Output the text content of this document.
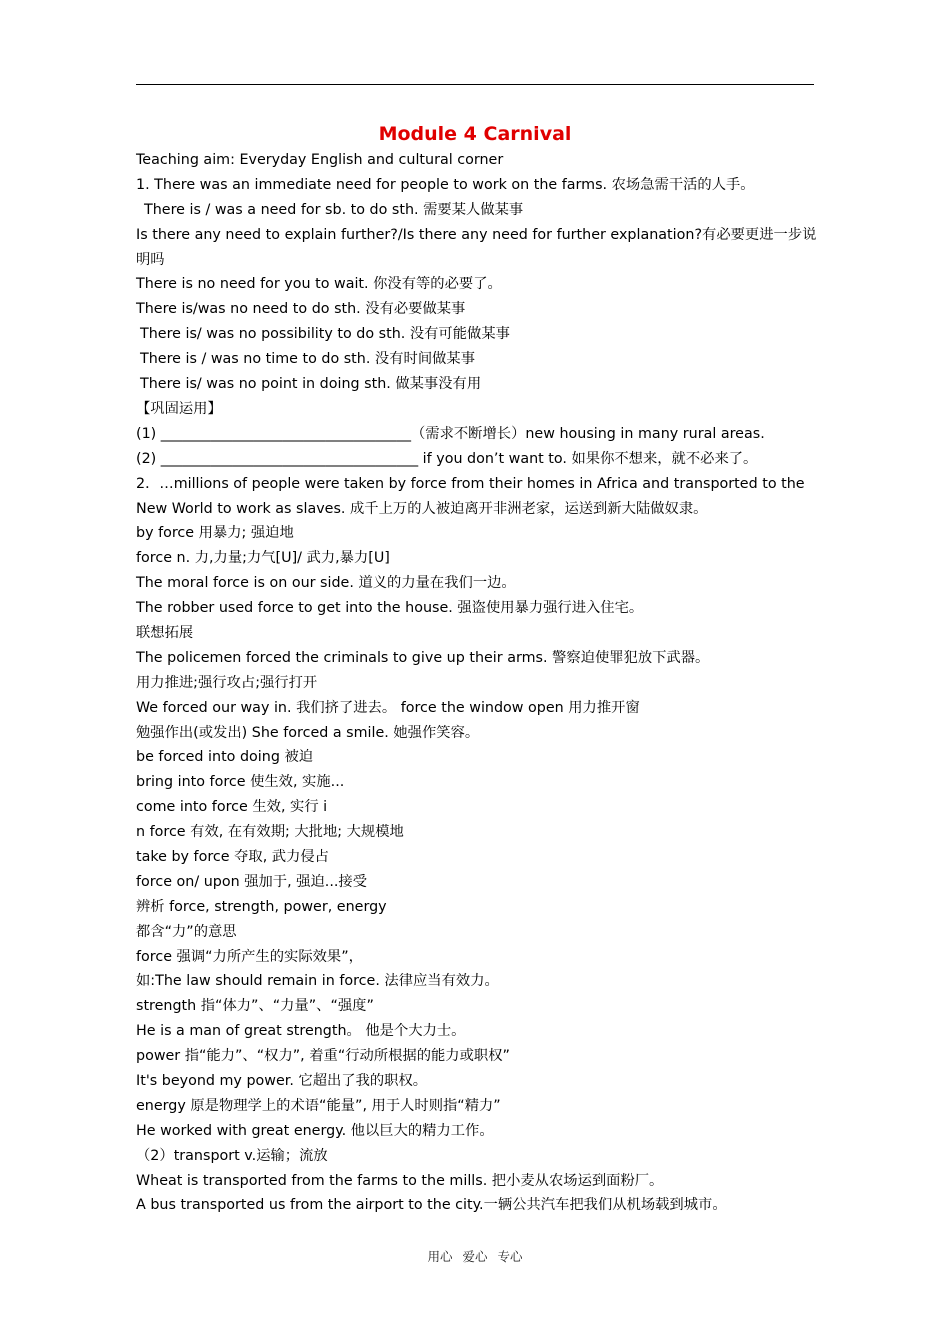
Module 4 Carnival
Teaching aim: Everyday English and cultural corner
1. There was an immediate need for people to work on the farms. 农场急需干活的人手。
There is / was a need for sb. to do sth. 需要某人做某事
Is there any need to explain further?/Is there any need for further explanation?有必要更进一步说明吗
There is no need for you to wait. 你没有等的必要了。
There is/was no need to do sth. 没有必要做某事
There is/ was no possibility to do sth. 没有可能做某事
There is / was no time to do sth. 没有时间做某事
There is/ was no point in doing sth. 做某事没有用
【巩固运用】
(1) ___________________________________（需求不断增长）new housing in many rural areas.
(2) ____________________________________ if you don’t want to. 如果你不想来，就不必来了。
2．…millions of people were taken by force from their homes in Africa and transported to the New World to work as slaves. 成千上万的人被迫离开非洲老家，运送到新大陆做奴隶。
by force 用暴力; 强迫地
force n. 力,力量;力气[U]/ 武力,暴力[U]
The moral force is on our side. 道义的力量在我们一边。
The robber used force to get into the house. 强盗使用暴力强行进入住宅。
联想拓展
The policemen forced the criminals to give up their arms. 警察迫使罪犯放下武器。
用力推进;强行攻占;强行打开
We forced our way in. 我们挤了进去。 force the window open 用力推开窗
勉强作出(或发出) She forced a smile. 她强作笑容。
be forced into doing 被迫
bring into force 使生效, 实施...
come into force 生效, 实行 i
n force 有效, 在有效期; 大批地; 大规模地
take by force 夺取, 武力侵占
force on/ upon 强加于, 强迫...接受
辨析 force, strength, power, energy
都含“力”的意思
force 强调“力所产生的实际效果”，
如:The law should remain in force. 法律应当有效力。
strength 指“体力”、“力量”、“强度”
He is a man of great strength。 他是个大力士。
power 指“能力”、“权力”, 着重“行动所根据的能力或职权”
It's beyond my power. 它超出了我的职权。
energy 原是物理学上的术语“能量”, 用于人时则指“精力”
He worked with great energy. 他以巨大的精力工作。
（2）transport v.运输；流放
Wheat is transported from the farms to the mills. 把小麦从农场运到面粉厂。
A bus transported us from the airport to the city.一辆公共汽车把我们从机场载到城市。
用心 爱心 专心
